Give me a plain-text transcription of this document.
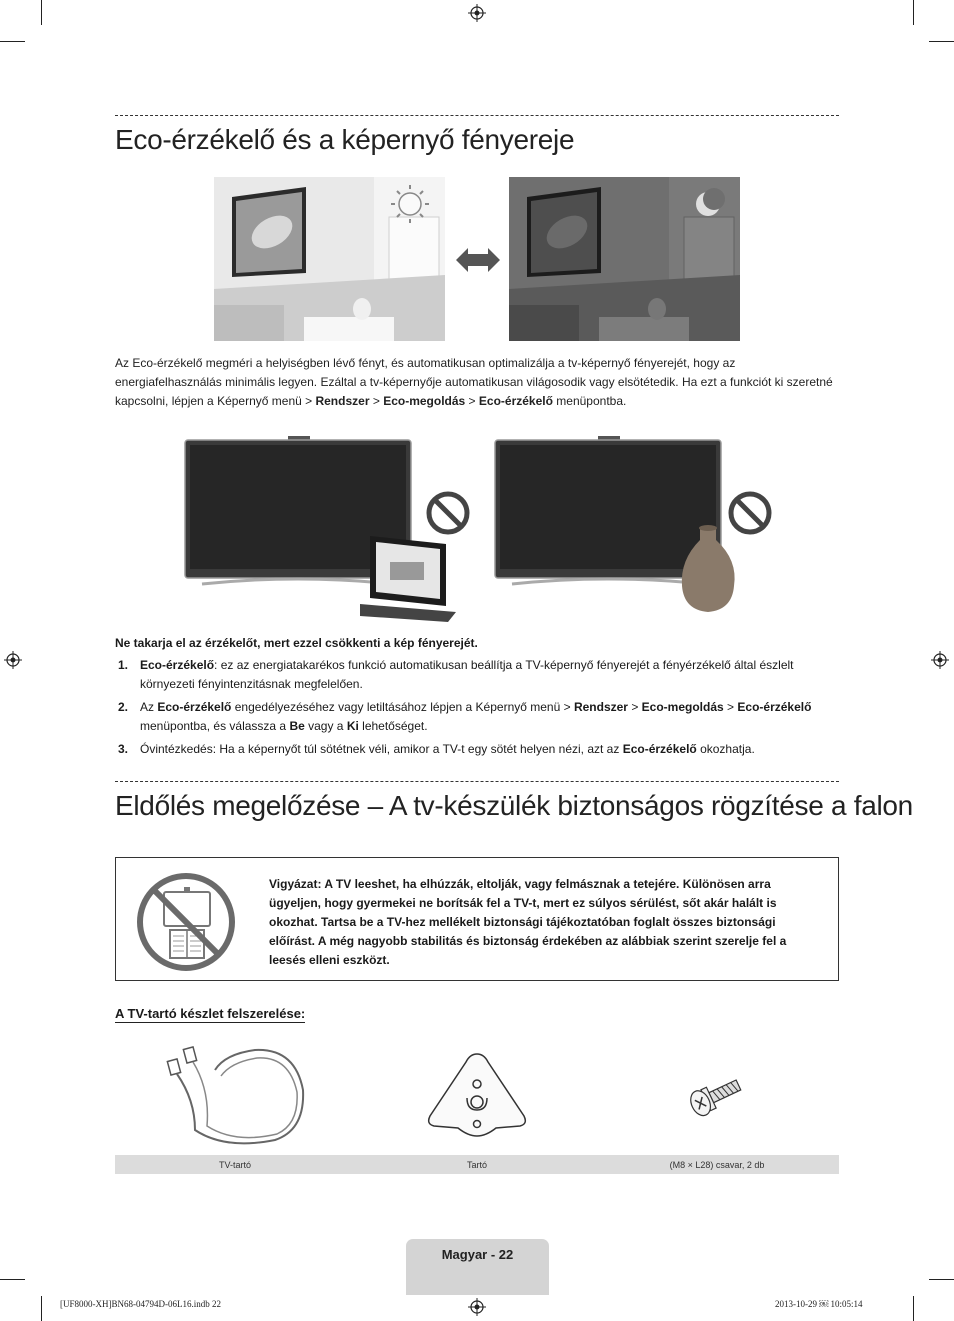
Eco-érzékelő és a képernyő fényereje

Az Eco-érzékelő megméri a helyiségben lévő fényt, és automatikusan optimalizálja a tv-képernyő fényerejét, hogy az energiafelhasználás minimális legyen. Ezáltal a tv-képernyője automatikusan világosodik vagy elsötétedik. Ha ezt a funkciót ki szeretné kapcsolni, lépjen a Képernyő menü > Rendszer > Eco-megoldás > Eco-érzékelő menüpontba.

Ne takarja el az érzékelőt, mert ezzel csökkenti a kép fényerejét.

1. Eco-érzékelő: ez az energiatakarékos funkció automatikusan beállítja a TV-képernyő fényerejét a fényérzékelő által észlelt környezeti fényintenzitásnak megfelelően.
2. Az Eco-érzékelő engedélyezéséhez vagy letiltásához lépjen a Képernyő menü > Rendszer > Eco-megoldás > Eco-érzékelő menüpontba, és válassza a Be vagy a Ki lehetőséget.
3. Óvintézkedés: Ha a képernyőt túl sötétnek véli, amikor a TV-t egy sötét helyen nézi, azt az Eco-érzékelő okozhatja.
Eldőlés megelőzése – A tv-készülék biztonságos rögzítése a falon

Vigyázat: A TV leeshet, ha elhúzzák, eltolják, vagy felmásznak a tetejére. Különösen arra ügyeljen, hogy gyermekei ne borítsák fel a TV-t, mert ez súlyos sérülést, sőt akár halált is okozhat. Tartsa be a TV-hez mellékelt biztonsági tájékoztatóban foglalt összes biztonsági előírást. A még nagyobb stabilitás és biztonság érdekében az alábbiak szerint szerelje fel a leesés elleni eszközt.

A TV-tartó készlet felszerelése:

TV-tartó	Tartó	(M8 × L28) csavar, 2 db
Magyar - 22
[UF8000-XH]BN68-04794D-06L16.indb 22	2013-10-29 ￼ 10:05:14
